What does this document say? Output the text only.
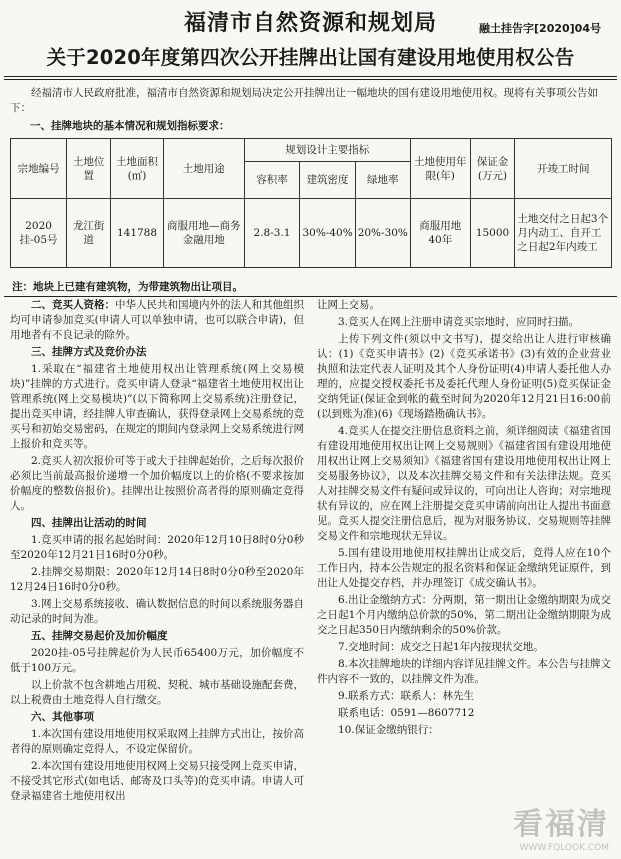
福清市自然资源和规划局	融土挂告字[2020]04号
关于2020年度第四次公开挂牌出让国有建设用地使用权公告
经福清市人民政府批准，福清市自然资源和规划局决定公开挂牌出让一幅地块的国有建设用地使用权。现将有关事项公告如下：
一、挂牌地块的基本情况和规划指标要求：
宗地编号	土地位置	土地面积(㎡)	土地用途	规划设计主要指标			土地使用年限(年)	保证金(万元)	开竣工时间
				容积率	建筑密度	绿地率			
2020挂-05号	龙江街道	141788	商服用地—商务金融用地	2.8-3.1	30%-40%	20%-30%	商服用地40年	15000	土地交付之日起3个月内动工、自开工之日起2年内竣工
注：地块上已建有建筑物，为带建筑物出让项目。

二、竞买人资格：中华人民共和国境内外的法人和其他组织均可申请参加竞买(申请人可以单独申请，也可以联合申请)，但用地者有不良记录的除外。

三、挂牌方式及竞价办法

1.采取在“福建省土地使用权出让管理系统(网上交易模块)”挂牌的方式进行。竞买申请人登录“福建省土地使用权出让管理系统(网上交易模块)”(以下简称网上交易系统)注册登记，提出竞买申请，经挂牌人审查确认，获得登录网上交易系统的竞买号和初始交易密码，在规定的期间内登录网上交易系统进行网上报价和竞买等。

2.竞买人初次报价可等于或大于挂牌起始价，之后每次报价必须比当前最高报价递增一个加价幅度以上的价格(不要求按加价幅度的整数倍报价)。挂牌出让按照价高者得的原则确定竞得人。

四、挂牌出让活动的时间

1.竞买申请的报名起始时间：2020年12月10日8时0分0秒至2020年12月21日16时0分0秒。

2.挂牌交易期限：2020年12月14日8时0分0秒至2020年12月24日16时0分0秒。

3.网上交易系统接收、确认数据信息的时间以系统服务器自动记录的时间为准。

五、挂牌交易起价及加价幅度

2020挂-05号挂牌起价为人民币65400万元，加价幅度不低于100万元。

以上价款不包含耕地占用税、契税、城市基础设施配套费，以上税费由土地竞得人自行缴交。

六、其他事项

1.本次国有建设用地使用权采取网上挂牌方式出让，按价高者得的原则确定竞得人，不设定保留价。

2.本次国有建设用地使用权网上交易只接受网上竞买申请，不接受其它形式(如电话、邮寄及口头等)的竞买申请。申请人可登录福建省土地使用权出

让网上交易。

3.竞买人在网上注册申请竞买宗地时，应同时扫描。

上传下列文件(须以中文书写)，提交给出让人进行审核确认：(1)《竞买申请书》(2)《竞买承诺书》(3)有效的企业营业执照和法定代表人证明及其个人身份证明(4)申请人委托他人办理的，应提交授权委托书及委托代理人身份证明(5)竞买保证金交纳凭证(保证金到帐的截至时间为2020年12月21日16:00前(以到账为准)(6)《现场踏勘确认书》。

4.竞买人在提交注册信息资料之前，须详细阅读《福建省国有建设用地使用权出让网上交易规则》《福建省国有建设用地使用权出让网上交易须知》《福建省国有建设用地使用权出让网上交易服务协议》，以及本次挂牌交易文件和有关法律法规。竞买人对挂牌交易文件有疑问或异议的，可向出让人咨询；对宗地现状有异议的，应在网上注册提交竞买申请前向出让人提出书面意见。竞买人提交注册信息后，视为对服务协议、交易规则等挂牌交易文件和宗地现状无异议。

5.国有建设用地使用权挂牌出让成交后，竞得人应在10个工作日内，持本公告规定的报名资料和保证金缴纳凭证原件，到出让人处提交存档，并办理签订《成交确认书》。

6.出让金缴纳方式：分两期，第一期出让金缴纳期限为成交之日起1个月内缴纳总价款的50%，第二期出让金缴纳期限为成交之日起350日内缴纳剩余的50%价款。

7.交地时间：成交之日起1年内按现状交地。

8.本次挂牌地块的详细内容详见挂牌文件。本公告与挂牌文件内容不一致的，以挂牌文件为准。

9.联系方式：联系人：林先生

联系电话：0591—8607712

10.保证金缴纳银行：

看福清
WWW.FQLOOK.COM
